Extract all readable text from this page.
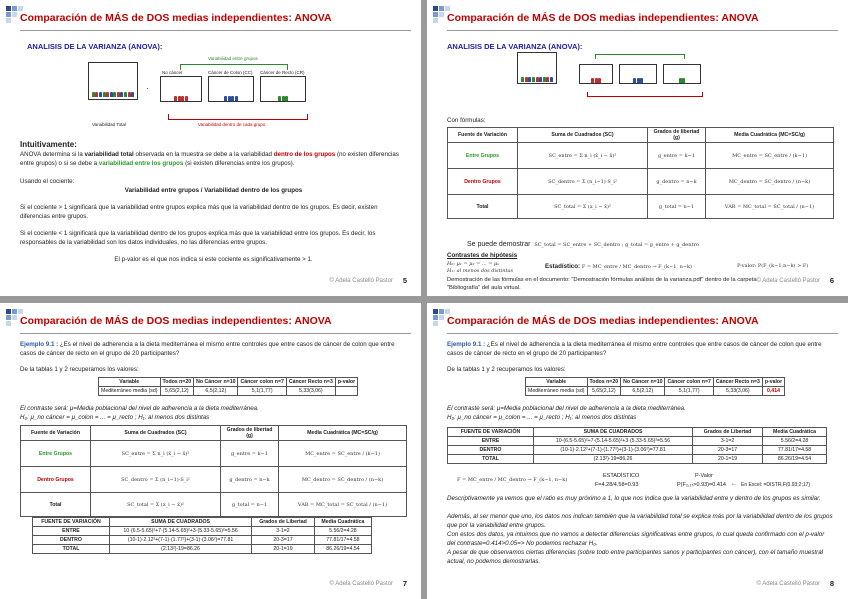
Comparación de MÁS de DOS medias independientes: ANOVA
ANALISIS DE LA VARIANZA (ANOVA):
Variabilidad Total
Variabilidad entre grupos
No cáncer	Cáncer de Colon (CC) Cáncer de Recto (CR)
Variabilidad dentro de cada grupo
·
Intuitivamente:
ANOVA determina si la variabilidad total observada en la muestra se debe a la variabilidad dentro de los grupos (no existen diferencias entre grupos) o si se debe a variabilidad entre los grupos (si existen diferencias entre los grupos).
Usando el cociente:
Variabilidad entre grupos / Variabilidad dentro de los grupos
Si el cociente > 1 significará que la variabilidad entre grupos explica más que la variabilidad dentro de los grupos. Es decir, existen diferencias entre grupos.
Si el cociente < 1 significará que la variabilidad dentro de los grupos explica más que la variabilidad entre los grupos. Es decir, los responsables de la variabilidad son los datos individuales, no las diferencias entre grupos.
El p-valor es el que nos indica si este cociente es significativamente > 1.
© Adela Castelló Pastor 5
Comparación de MÁS de DOS medias independientes: ANOVA
ANALISIS DE LA VARIANZA (ANOVA):
Con fórmulas:
Fuente de Variación	Suma de Cuadrados (SC)	Grados de libertad (g)	Media Cuadrática (MC=SC/g)
Entre Grupos	SC_entre = Σ n_i (x̄_i − x̄)²	g_entre = k−1	MC_entre = SC_entre / (k−1)
Dentro Grupos	SC_dentro = Σ (n_i−1)·S_i²	g_dentro = n−k	MC_dentro = SC_dentro / (n−k)
Total	SC_total = Σ (x_i − x̄)²	g_total = n−1	VAR = MC_total = SC_total / (n−1)
Se puede demostrar SC_total = SC_entre + SC_dentro ; g_total = g_entre + g_dentro
Contrastes de hipótesis
H₀: μ₁ = μ₂ = ... = μₖ
H₁: al menos dos distintas
Estadístico: F = MC_entre / MC_dentro → F_(k−1, n−k)	P-valor: P(F_(k−1,n−k) > F)
Demostración de las fórmulas en el documento: "Demostración fórmulas análisis de la varianza.pdf" dentro de la carpeta "Bibliografía" del aula virtual.
© Adela Castelló Pastor 6
Comparación de MÁS de DOS medias independientes: ANOVA
Ejemplo 9.1 : ¿Es el nivel de adherencia a la dieta mediterránea el mismo entre controles que entre casos de cáncer de colon que entre casos de cáncer de recto en el grupo de 20 participantes?
De la tablas 1 y 2 recuperamos los valores:
Variable	Todos n=20	No Cáncer n=10	Cáncer colon n=7	Cáncer Recto n=3	p-valor
Mediterráneo media (sd)	5,65(2,12)	6,5(2,12)	5,1(1,77)	5,33(3,06)	
El contraste será: μ=Media poblacional del nivel de adherencia a la dieta mediterránea.
H₀: μ_no cáncer = μ_colon = ... = μ_recto ; H₁: al menos dos distintas
Fuente de Variación	Suma de Cuadrados (SC)	Grados de libertad (g)	Media Cuadrática (MC=SC/g)
Entre Grupos	SC_entre = Σ n_i (x̄_i − x̄)²	g_entre = k−1	MC_entre = SC_entre / (k−1)
Dentro Grupos	SC_dentro = Σ (n_i−1)·S_i²	g_dentro = n−k	MC_dentro = SC_dentro / (n−k)
Total	SC_total = Σ (x_i − x̄)²	g_total = n−1	VAR = MC_total = SC_total / (n−1)
FUENTE DE VARIACIÓN	SUMA DE CUADRADOS	Grados de Libertad	Media Cuadrática
ENTRE	10·(6.5-5.65)²+7·(5.14-5.65)²+3·(5.33-5.65)²=5.56	3-1=2	5.56/2=4.28
DENTRO	(10-1)·2.12²+(7-1)·(1.77²)+(3-1)·(3.06²)=77.81	20-3=17	77.81/17=4.58
TOTAL	(2.13²)·19=86.26	20-1=19	86.26/19=4.54
© Adela Castelló Pastor 7
Comparación de MÁS de DOS medias independientes: ANOVA
Ejemplo 9.1 : ¿Es el nivel de adherencia a la dieta mediterránea el mismo entre controles que entre casos de cáncer de colon que entre casos de cáncer de recto en el grupo de 20 participantes?
De la tablas 1 y 2 recuperamos los valores:
Variable	Todos n=20	No Cáncer n=10	Cáncer colon n=7	Cáncer Recto n=3	p-valor
Mediterráneo media (sd)	5,65(2,12)	6,5(2,12)	5,1(1,77)	5,33(3,06)	0,414
El contraste será: μ=Media poblacional del nivel de adherencia a la dieta mediterránea.
H₀: μ_no cáncer = μ_colon = ... = μ_recto ; H₁: al menos dos distintas
FUENTE DE VARIACIÓN	SUMA DE CUADRADOS	Grados de Libertad	Media Cuadrática
ENTRE	10·(6.5-5.65)²+7·(5.14-5.65)²+3·(5.33-5.65)²=5.56	3-1=2	5.56/2=4.28
DENTRO	(10-1)·2.12²+(7-1)·(1.77²)+(3-1)·(3.06²)=77.81	20-3=17	77.81/17=4.58
TOTAL	(2.13²)·19=86.26	20-1=19	86.26/19=4.54
F = MC_entre / MC_dentro → F_(k−1, n−k)
ESTADÍSTICO
F=4.28/4.58=0.93
P-Valor
P(F₂,₁₇>0.93)=0.414 ← En Excel: =DISTR.F(0.93;2;17)
Descriptivamente ya vemos que el ratio es muy próximo a 1, lo que nos indica que la variabilidad entre y dentro de los grupos es similar.
Además, al ser menor que uno, los datos nos indican también que la variabilidad total se explica más por la variabilidad dentro de los grupos que por la variabilidad entre grupos.
Con estos dos datos, ya intuimos que no vamos a detectar diferencias significativas entre grupos, lo cual queda confirmado con el p-valor del contraste=0.414>0.05=> No podemos rechazar H₀.
A pesar de que observamos ciertas diferencias (sobre todo entre participantes sanos y participantes con cáncer), con el tamaño muestral actual, no podemos demostrarlas.
© Adela Castelló Pastor 8
